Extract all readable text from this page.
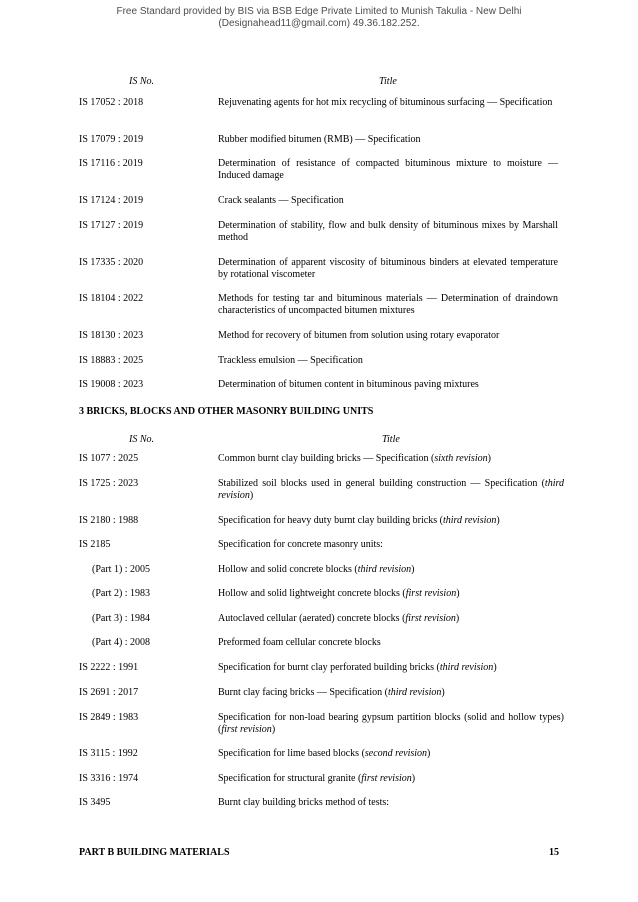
Free Standard provided by BIS via BSB Edge Private Limited to Munish Takulia - New Delhi
(Designahead11@gmail.com) 49.36.182.252.
IS No.	Title
IS 17052 : 2018	Rejuvenating agents for hot mix recycling of bituminous surfacing — Specification
IS 17079 : 2019	Rubber modified bitumen (RMB) — Specification
IS 17116 : 2019	Determination of resistance of compacted bituminous mixture to moisture — Induced damage
IS 17124 : 2019	Crack sealants — Specification
IS 17127 : 2019	Determination of stability, flow and bulk density of bituminous mixes by Marshall method
IS 17335 : 2020	Determination of apparent viscosity of bituminous binders at elevated temperature by rotational viscometer
IS 18104 : 2022	Methods for testing tar and bituminous materials — Determination of draindown characteristics of uncompacted bitumen mixtures
IS 18130 : 2023	Method for recovery of bitumen from solution using rotary evaporator
IS 18883 : 2025	Trackless emulsion — Specification
IS 19008 : 2023	Determination of bitumen content in bituminous paving mixtures
3 BRICKS, BLOCKS AND OTHER MASONRY BUILDING UNITS
IS No.	Title
IS 1077 : 2025	Common burnt clay building bricks — Specification (sixth revision)
IS 1725 : 2023	Stabilized soil blocks used in general building construction — Specification (third revision)
IS 2180 : 1988	Specification for heavy duty burnt clay building bricks (third revision)
IS 2185	Specification for concrete masonry units:
(Part 1) : 2005	Hollow and solid concrete blocks (third revision)
(Part 2) : 1983	Hollow and solid lightweight concrete blocks (first revision)
(Part 3) : 1984	Autoclaved cellular (aerated) concrete blocks (first revision)
(Part 4) : 2008	Preformed foam cellular concrete blocks
IS 2222 : 1991	Specification for burnt clay perforated building bricks (third revision)
IS 2691 : 2017	Burnt clay facing bricks — Specification (third revision)
IS 2849 : 1983	Specification for non-load bearing gypsum partition blocks (solid and hollow types) (first revision)
IS 3115 : 1992	Specification for lime based blocks (second revision)
IS 3316 : 1974	Specification for structural granite (first revision)
IS 3495	Burnt clay building bricks method of tests:
PART B BUILDING MATERIALS	15
